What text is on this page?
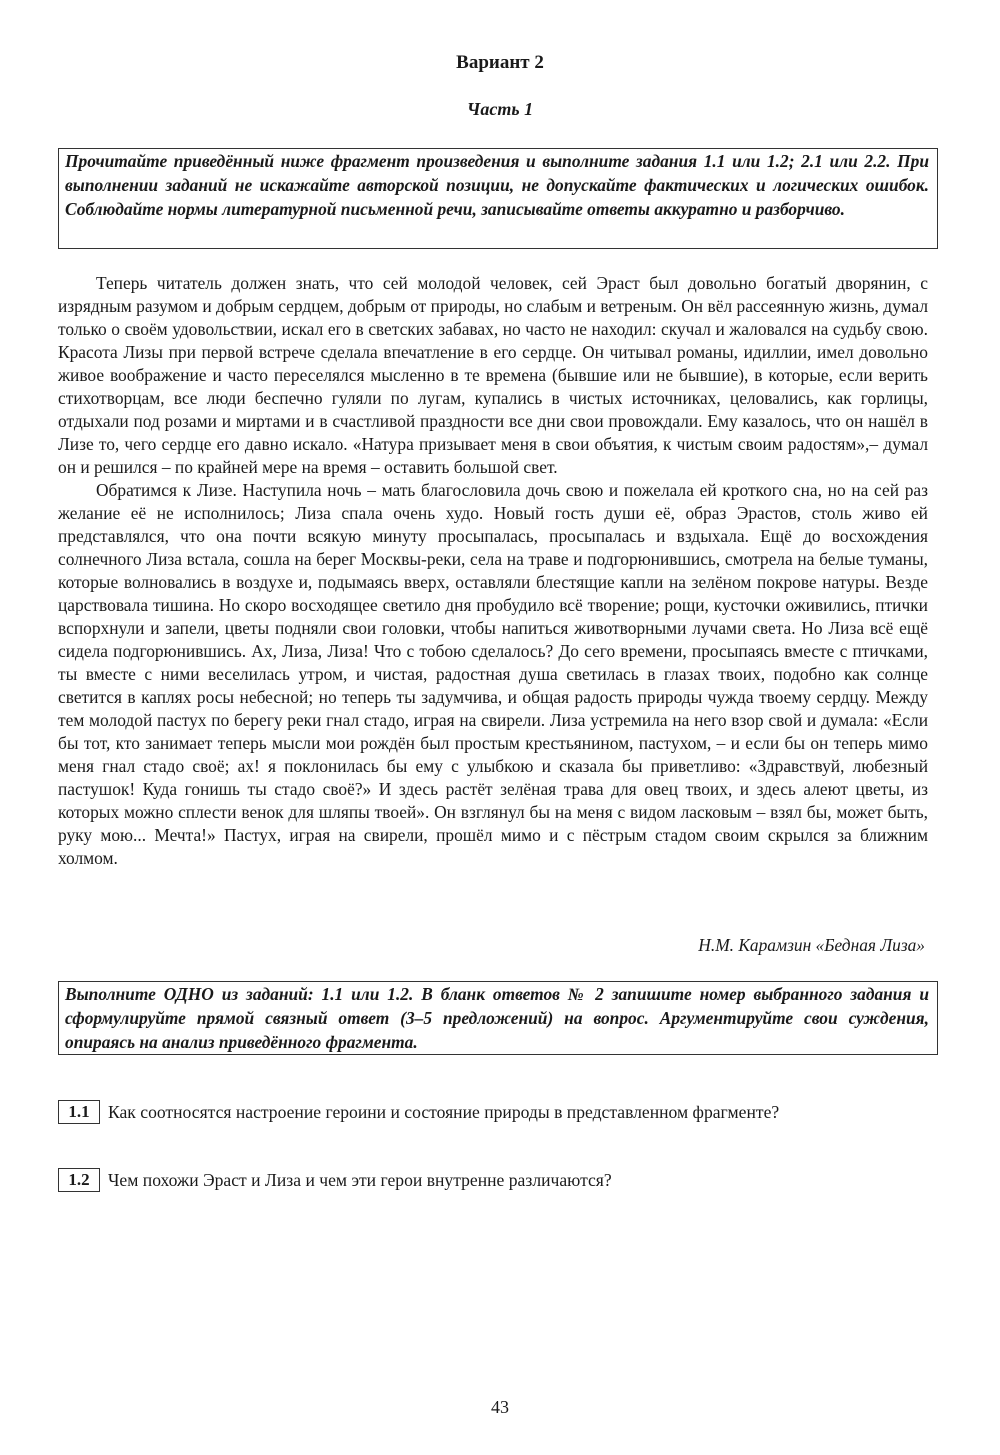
Вариант 2
Часть 1

Прочитайте приведённый ниже фрагмент произведения и выполните задания 1.1 или 1.2; 2.1 или 2.2. При выполнении заданий не искажайте авторской позиции, не допускайте фактических и логических ошибок. Соблюдайте нормы литературной письменной речи, записывайте ответы аккуратно и разборчиво.

Теперь читатель должен знать, что сей молодой человек, сей Эраст был довольно богатый дворянин, с изрядным разумом и добрым сердцем, добрым от природы, но слабым и ветреным. Он вёл рассеянную жизнь, думал только о своём удовольствии, искал его в светских забавах, но часто не находил: скучал и жаловался на судьбу свою. Красота Лизы при первой встрече сделала впечатление в его сердце. Он читывал романы, идиллии, имел довольно живое воображение и часто переселялся мысленно в те времена (бывшие или не бывшие), в которые, если верить стихотворцам, все люди беспечно гуляли по лугам, купались в чистых источниках, целовались, как горлицы, отдыхали под розами и миртами и в счастливой праздности все дни свои провождали. Ему казалось, что он нашёл в Лизе то, чего сердце его давно искало. «Натура призывает меня в свои объятия, к чистым своим радостям»,– думал он и решился – по крайней мере на время – оставить большой свет.

Обратимся к Лизе. Наступила ночь – мать благословила дочь свою и пожелала ей кроткого сна, но на сей раз желание её не исполнилось; Лиза спала очень худо. Новый гость души её, образ Эрастов, столь живо ей представлялся, что она почти всякую минуту просыпалась, просыпалась и вздыхала. Ещё до восхождения солнечного Лиза встала, сошла на берег Москвы-реки, села на траве и подгорюнившись, смотрела на белые туманы, которые волновались в воздухе и, подымаясь вверх, оставляли блестящие капли на зелёном покрове натуры. Везде царствовала тишина. Но скоро восходящее светило дня пробудило всё творение; рощи, кусточки оживились, птички вспорхнули и запели, цветы подняли свои головки, чтобы напиться животворными лучами света. Но Лиза всё ещё сидела подгорюнившись. Ах, Лиза, Лиза! Что с тобою сделалось? До сего времени, просыпаясь вместе с птичками, ты вместе с ними веселилась утром, и чистая, радостная душа светилась в глазах твоих, подобно как солнце светится в каплях росы небесной; но теперь ты задумчива, и общая радость природы чужда твоему сердцу. Между тем молодой пастух по берегу реки гнал стадо, играя на свирели. Лиза устремила на него взор свой и думала: «Если бы тот, кто занимает теперь мысли мои рождён был простым крестьянином, пастухом, – и если бы он теперь мимо меня гнал стадо своё; ах! я поклонилась бы ему с улыбкою и сказала бы приветливо: «Здравствуй, любезный пастушок! Куда гонишь ты стадо своё?» И здесь растёт зелёная трава для овец твоих, и здесь алеют цветы, из которых можно сплести венок для шляпы твоей». Он взглянул бы на меня с видом ласковым – взял бы, может быть, руку мою... Мечта!» Пастух, играя на свирели, прошёл мимо и с пёстрым стадом своим скрылся за ближним холмом.

Н.М. Карамзин «Бедная Лиза»

Выполните ОДНО из заданий: 1.1 или 1.2. В бланк ответов № 2 запишите номер выбранного задания и сформулируйте прямой связный ответ (3–5 предложений) на вопрос. Аргументируйте свои суждения, опираясь на анализ приведённого фрагмента.

1.1	Как соотносятся настроение героини и состояние природы в представленном фрагменте?
1.2	Чем похожи Эраст и Лиза и чем эти герои внутренне различаются?
43
